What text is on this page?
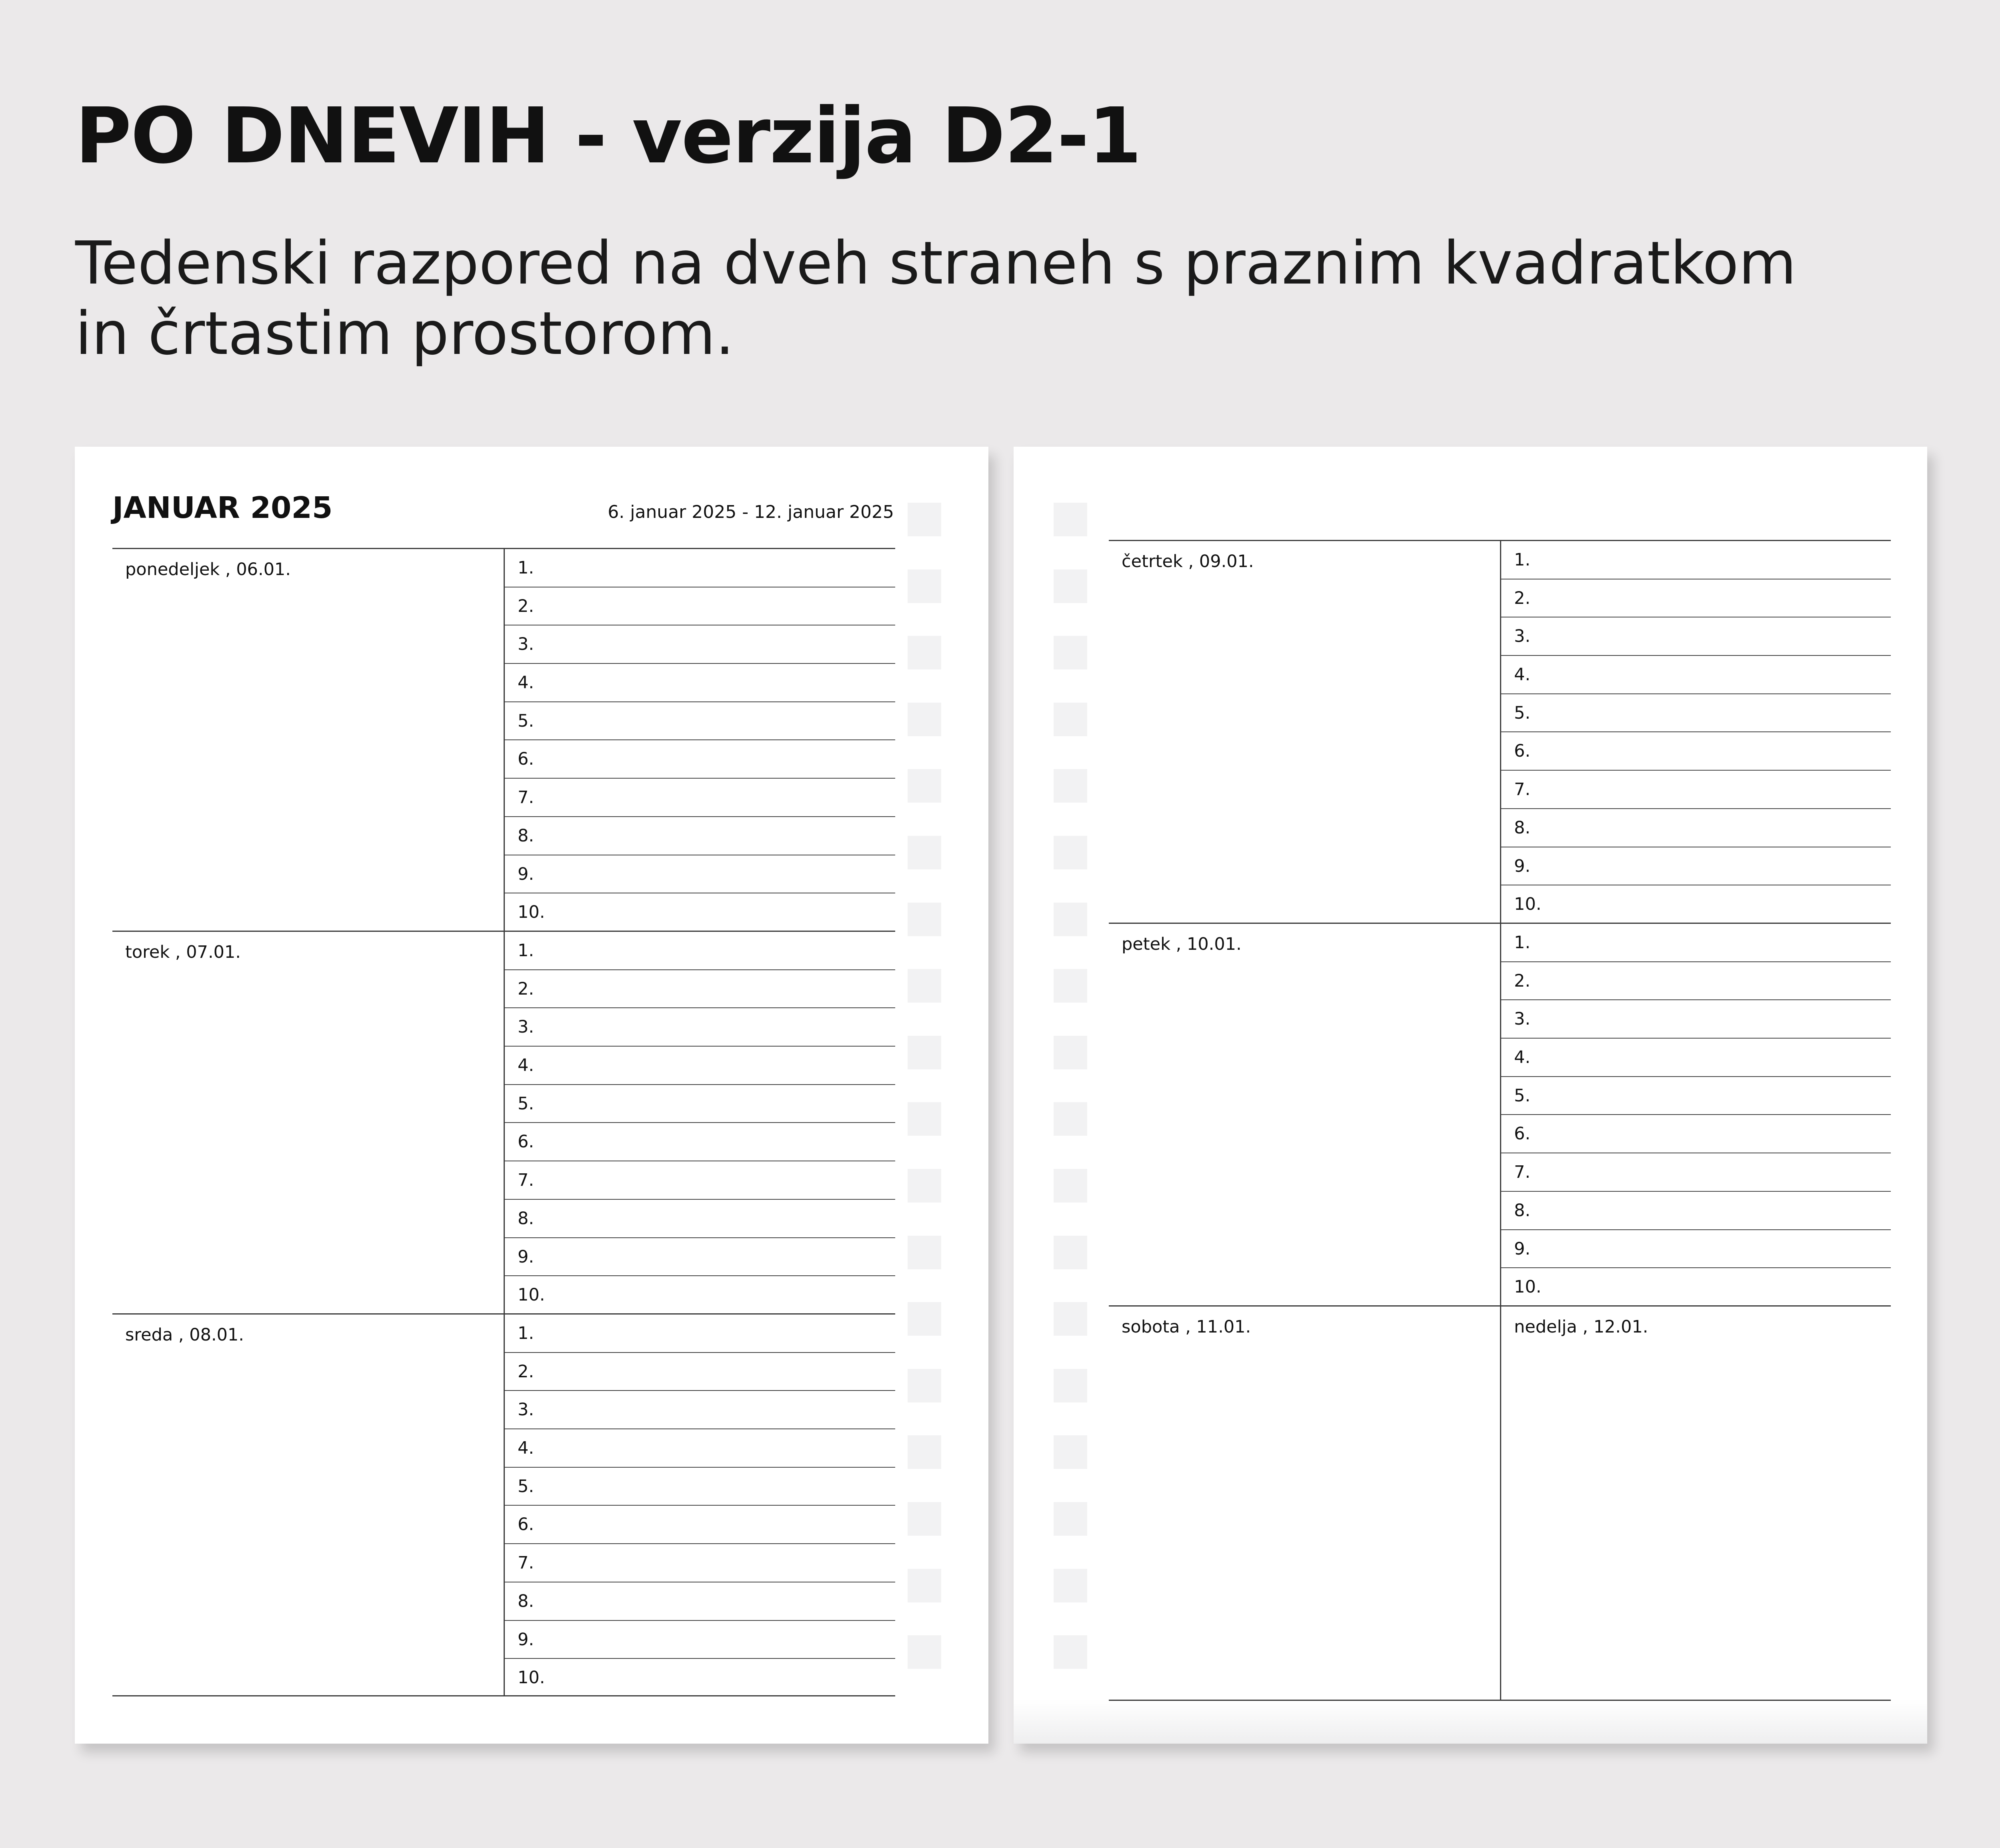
PO DNEVIH - verzija D2-1
Tedenski razpored na dveh straneh s praznim kvadratkom
in črtastim prostorom.
JANUAR 2025	6. januar 2025 - 12. januar 2025
ponedeljek , 06.01.	1.
2.
3.
4.
5.
6.
7.
8.
9.
10.
torek , 07.01.	1.
2.
3.
4.
5.
6.
7.
8.
9.
10.
sreda , 08.01.	1.
2.
3.
4.
5.
6.
7.
8.
9.
10.
četrtek , 09.01.	1.
2.
3.
4.
5.
6.
7.
8.
9.
10.
petek , 10.01.	1.
2.
3.
4.
5.
6.
7.
8.
9.
10.
sobota , 11.01.	nedelja , 12.01.
